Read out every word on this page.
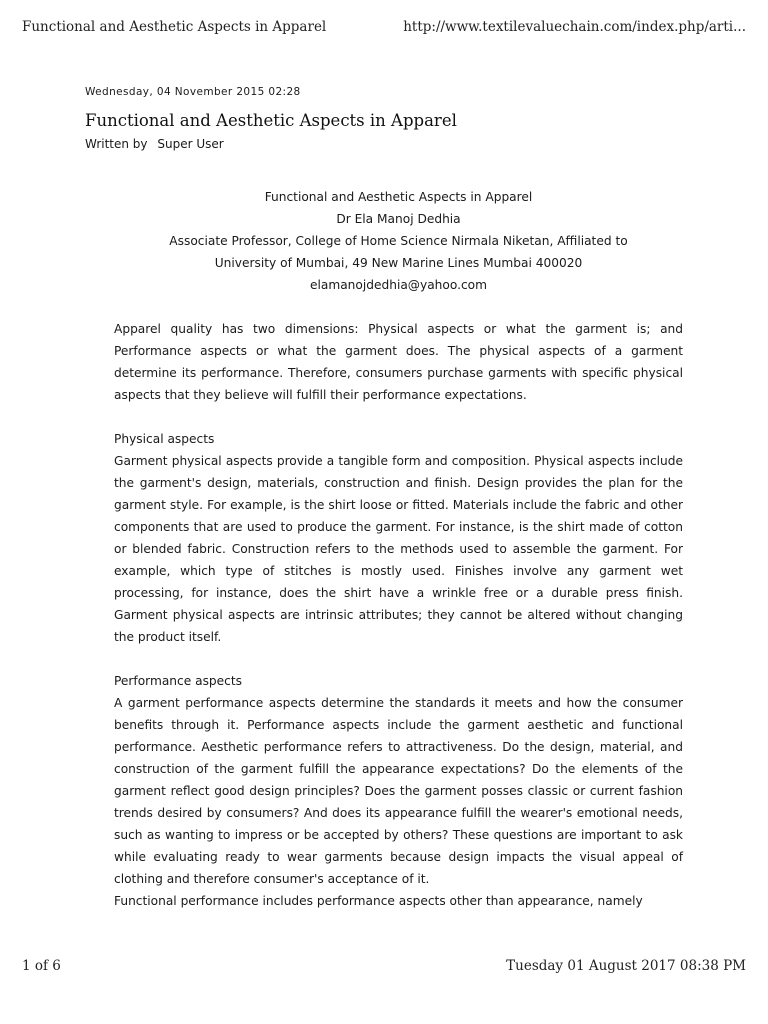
Functional and Aesthetic Aspects in Apparel	http://www.textilevaluechain.com/index.php/arti...

Wednesday, 04 November 2015 02:28

Functional and Aesthetic Aspects in Apparel

Written by Super User

Functional and Aesthetic Aspects in Apparel

Dr Ela Manoj Dedhia

Associate Professor, College of Home Science Nirmala Niketan, Affiliated to

University of Mumbai, 49 New Marine Lines Mumbai 400020

elamanojdedhia@yahoo.com

Apparel quality has two dimensions: Physical aspects or what the garment is; and Performance aspects or what the garment does. The physical aspects of a garment determine its performance. Therefore, consumers purchase garments with specific physical aspects that they believe will fulfill their performance expectations.

Physical aspects

Garment physical aspects provide a tangible form and composition. Physical aspects include the garment's design, materials, construction and finish. Design provides the plan for the garment style. For example, is the shirt loose or fitted. Materials include the fabric and other components that are used to produce the garment. For instance, is the shirt made of cotton or blended fabric. Construction refers to the methods used to assemble the garment. For example, which type of stitches is mostly used. Finishes involve any garment wet processing, for instance, does the shirt have a wrinkle free or a durable press finish. Garment physical aspects are intrinsic attributes; they cannot be altered without changing the product itself.

Performance aspects

A garment performance aspects determine the standards it meets and how the consumer benefits through it. Performance aspects include the garment aesthetic and functional performance. Aesthetic performance refers to attractiveness. Do the design, material, and construction of the garment fulfill the appearance expectations? Do the elements of the garment reflect good design principles? Does the garment posses classic or current fashion trends desired by consumers? And does its appearance fulfill the wearer's emotional needs, such as wanting to impress or be accepted by others? These questions are important to ask while evaluating ready to wear garments because design impacts the visual appeal of clothing and therefore consumer's acceptance of it.

Functional performance includes performance aspects other than appearance, namely

1 of 6	Tuesday 01 August 2017 08:38 PM
